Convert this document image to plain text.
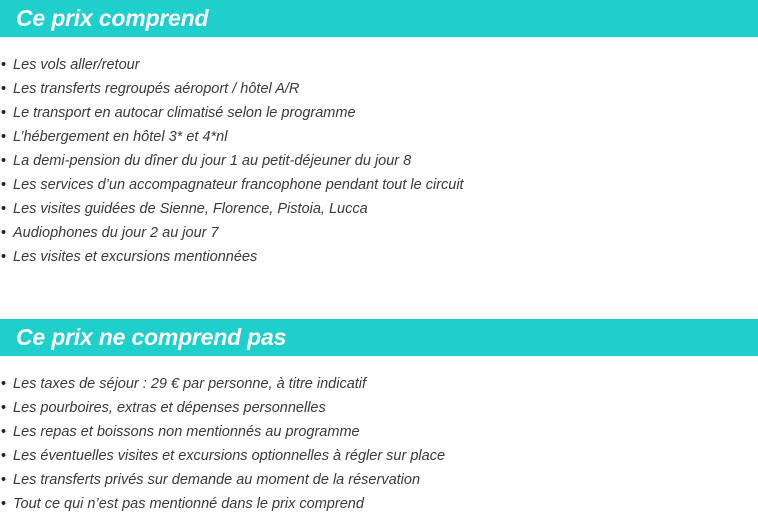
Ce prix comprend
• Les vols aller/retour
• Les transferts regroupés aéroport / hôtel A/R
• Le transport en autocar climatisé selon le programme
• L’hébergement en hôtel 3* et 4*nl
• La demi-pension du dîner du jour 1 au petit-déjeuner du jour 8
• Les services d’un accompagnateur francophone pendant tout le circuit
• Les visites guidées de Sienne, Florence, Pistoia, Lucca
• Audiophones du jour 2 au jour 7
• Les visites et excursions mentionnées
Ce prix ne comprend pas
• Les taxes de séjour : 29 € par personne, à titre indicatif
• Les pourboires, extras et dépenses personnelles
• Les repas et boissons non mentionnés au programme
• Les éventuelles visites et excursions optionnelles à régler sur place
• Les transferts privés sur demande au moment de la réservation
• Tout ce qui n’est pas mentionné dans le prix comprend
